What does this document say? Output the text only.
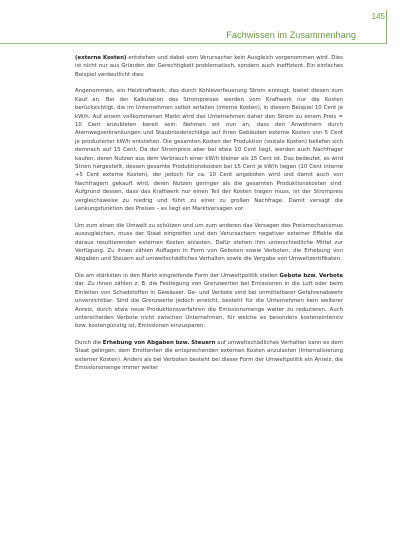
145
Fachwissen im Zusammenhang

(externe Kosten) entstehen und dabei vom Verursacher kein Ausgleich vorgenommen wird. Dies ist nicht nur aus Gründen der Gerechtigkeit problematisch, sondern auch ineffizient. Ein einfaches Beispiel verdeutlicht dies:

Angenommen, ein Heizkraftwerk, das durch Kohleverfeuerung Strom erzeugt, bietet diesen zum Kauf an. Bei der Kalkulation des Strompreises werden vom Kraftwerk nur die Kosten berücksichtigt, die im Unternehmen selbst anfallen (interne Kosten), in diesem Beispiel 10 Cent je kW/h. Auf einem vollkommenen Markt wird das Unternehmen daher den Strom zu einem Preis = 10 Cent anzubieten bereit sein. Nehmen wir nun an, dass den Anwohnern durch Atemwegserkrankungen und Staubniederschläge auf ihren Gebäuden externe Kosten von 5 Cent je produzierter kW/h entstehen. Die gesamten Kosten der Produktion (soziale Kosten) beliefen sich demnach auf 15 Cent. Da der Strompreis aber bei etwa 10 Cent liegt, werden auch Nachfrager kaufen, deren Nutzen aus dem Verbrauch einer kW/h kleiner als 15 Cent ist. Das bedeutet, es wird Strom hergestellt, dessen gesamte Produktionskosten bei 15 Cent je kW/h liegen (10 Cent interne +5 Cent externe Kosten), der jedoch für ca. 10 Cent angeboten wird und damit auch von Nachfragern gekauft wird, deren Nutzen geringer als die gesamten Produktionskosten sind. Aufgrund dessen, dass das Kraftwerk nur einen Teil der Kosten tragen muss, ist der Strompreis vergleichsweise zu niedrig und führt zu einer zu großen Nachfrage. Damit versagt die Lenkungsfunktion des Preises – es liegt ein Marktversagen vor.

Um zum einen die Umwelt zu schützen und um zum anderen das Versagen des Preismechanismus auszugleichen, muss der Staat eingreifen und den Verursachern negativer externer Effekte die daraus resultierenden externen Kosten anlasten. Dafür stehen ihm unterschiedliche Mittel zur Verfügung. Zu ihnen zählen Auflagen in Form von Geboten sowie Verboten, die Erhebung von Abgaben und Steuern auf umweltschädliches Verhalten sowie die Vergabe von Umweltzertifikaten.

Die am stärksten in den Markt eingreifende Form der Umweltpolitik stellen Gebote bzw. Verbote dar. Zu ihnen zählen z. B. die Festlegung von Grenzwerten bei Emissionen in die Luft oder beim Einleiten von Schadstoffen in Gewässer. Ge- und Verbote sind bei unmittelbarer Gefahrenabwehr unverzichtbar. Sind die Grenzwerte jedoch erreicht, besteht für die Unternehmen kein weiterer Anreiz, durch etwa neue Produktionsverfahren die Emissionsmenge weiter zu reduzieren. Auch unterscheiden Verbote nicht zwischen Unternehmen, für welche es besonders kosteneintensiv bzw. kostengünstig ist, Emissionen einzusparen.

Durch die Erhebung von Abgaben bzw. Steuern auf umweltschädliches Verhalten kann es dem Staat gelingen, dem Emittenten die entsprechenden externen Kosten anzulasten (Internalisierung externer Kosten). Anders als bei Verboten besteht bei dieser Form der Umweltpolitik ein Anreiz, die Emissionsmenge immer weiter
